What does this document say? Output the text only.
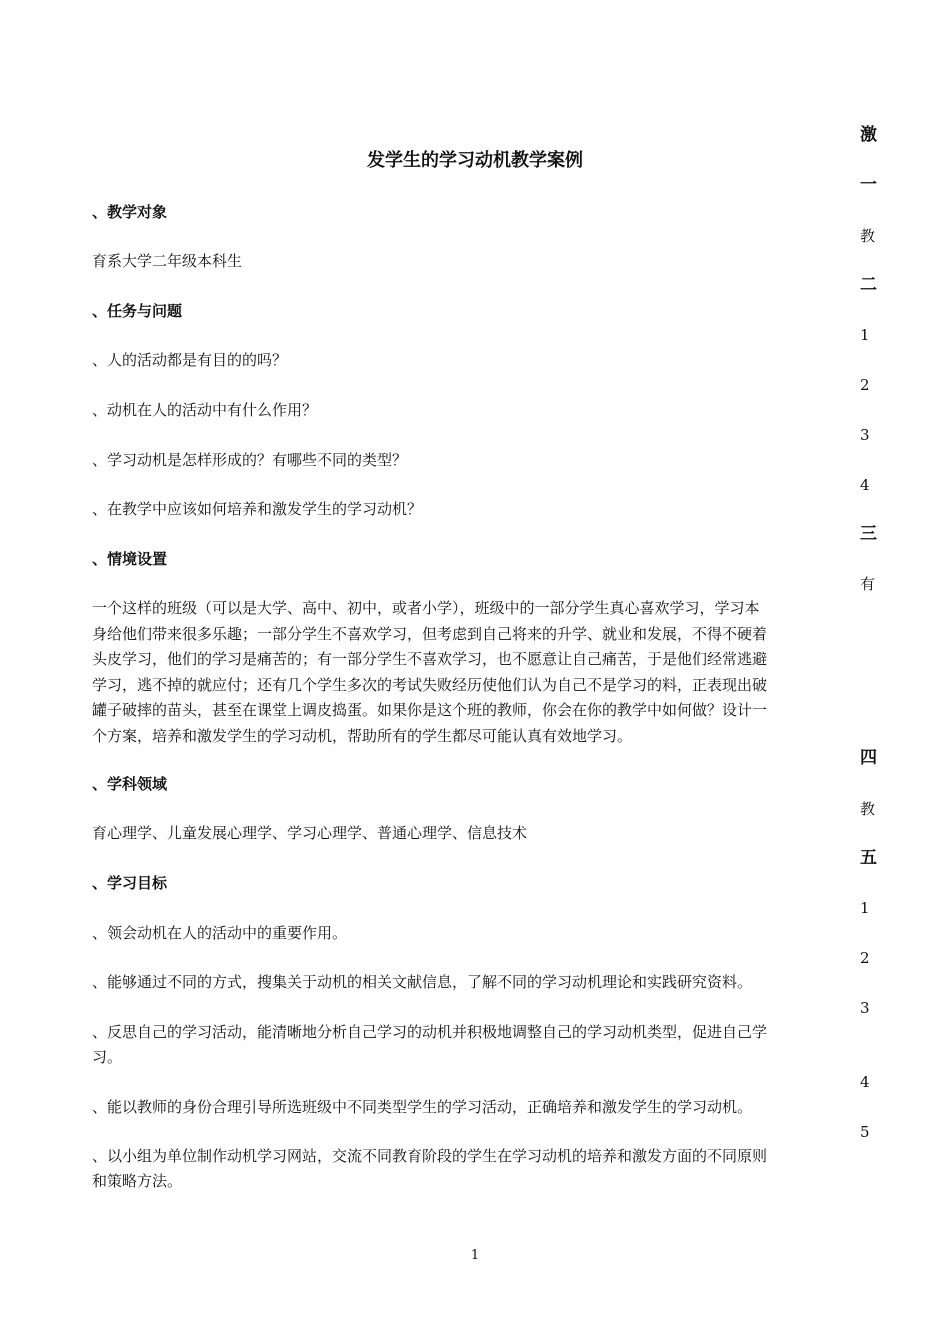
发学生的学习动机教学案例
激
一
教
二
1
2
3
4
三
有
四
教
五
1
2
3
4
5
、教学对象
育系大学二年级本科生
、任务与问题
、人的活动都是有目的的吗？
、动机在人的活动中有什么作用？
、学习动机是怎样形成的？有哪些不同的类型？
、在教学中应该如何培养和激发学生的学习动机？
、情境设置
一个这样的班级（可以是大学、高中、初中，或者小学），班级中的一部分学生真心喜欢学习，学习本
身给他们带来很多乐趣；一部分学生不喜欢学习，但考虑到自己将来的升学、就业和发展，不得不硬着
头皮学习，他们的学习是痛苦的；有一部分学生不喜欢学习，也不愿意让自己痛苦，于是他们经常逃避
学习，逃不掉的就应付；还有几个学生多次的考试失败经历使他们认为自己不是学习的料，正表现出破
罐子破摔的苗头，甚至在课堂上调皮捣蛋。如果你是这个班的教师，你会在你的教学中如何做？设计一
个方案，培养和激发学生的学习动机，帮助所有的学生都尽可能认真有效地学习。
、学科领域
育心理学、儿童发展心理学、学习心理学、普通心理学、信息技术
、学习目标
、领会动机在人的活动中的重要作用。
、能够通过不同的方式，搜集关于动机的相关文献信息，了解不同的学习动机理论和实践研究资料。
、反思自己的学习活动，能清晰地分析自己学习的动机并积极地调整自己的学习动机类型，促进自己学
习。
、能以教师的身份合理引导所选班级中不同类型学生的学习活动，正确培养和激发学生的学习动机。
、以小组为单位制作动机学习网站，交流不同教育阶段的学生在学习动机的培养和激发方面的不同原则
和策略方法。
1
